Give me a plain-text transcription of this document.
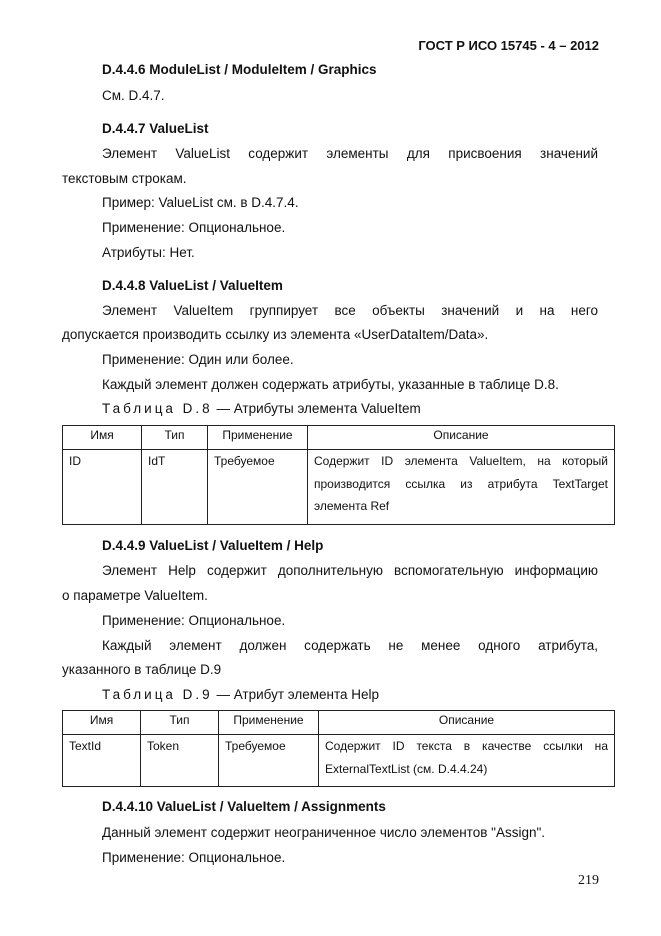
ГОСТ Р ИСО 15745 - 4 – 2012
D.4.4.6 ModuleList / ModuleItem / Graphics
См. D.4.7.
D.4.4.7 ValueList
Элемент ValueList содержит элементы для присвоения значений
текстовым строкам.
Пример: ValueList см. в D.4.7.4.
Применение: Опциональное.
Атрибуты: Нет.
D.4.4.8 ValueList / ValueItem
Элемент ValueItem группирует все объекты значений и на него
допускается производить ссылку из элемента «UserDataItem/Data».
Применение: Один или более.
Каждый элемент должен содержать атрибуты, указанные в таблице D.8.
Таблица D.8 — Атрибуты элемента ValueItem
Имя	Тип	Применение	Описание
ID	IdT	Требуемое	Содержит ID элемента ValueItem, на который производится ссылка из атрибута TextTarget элемента Ref
D.4.4.9 ValueList / ValueItem / Help
Элемент Help содержит дополнительную вспомогательную информацию
о параметре ValueItem.
Применение: Опциональное.
Каждый элемент должен содержать не менее одного атрибута,
указанного в таблице D.9
Таблица D.9 — Атрибут элемента Help
Имя	Тип	Применение	Описание
TextId	Token	Требуемое	Содержит ID текста в качестве ссылки на ExternalTextList (см. D.4.4.24)
D.4.4.10 ValueList / ValueItem / Assignments
Данный элемент содержит неограниченное число элементов "Assign".
Применение: Опциональное.
219
